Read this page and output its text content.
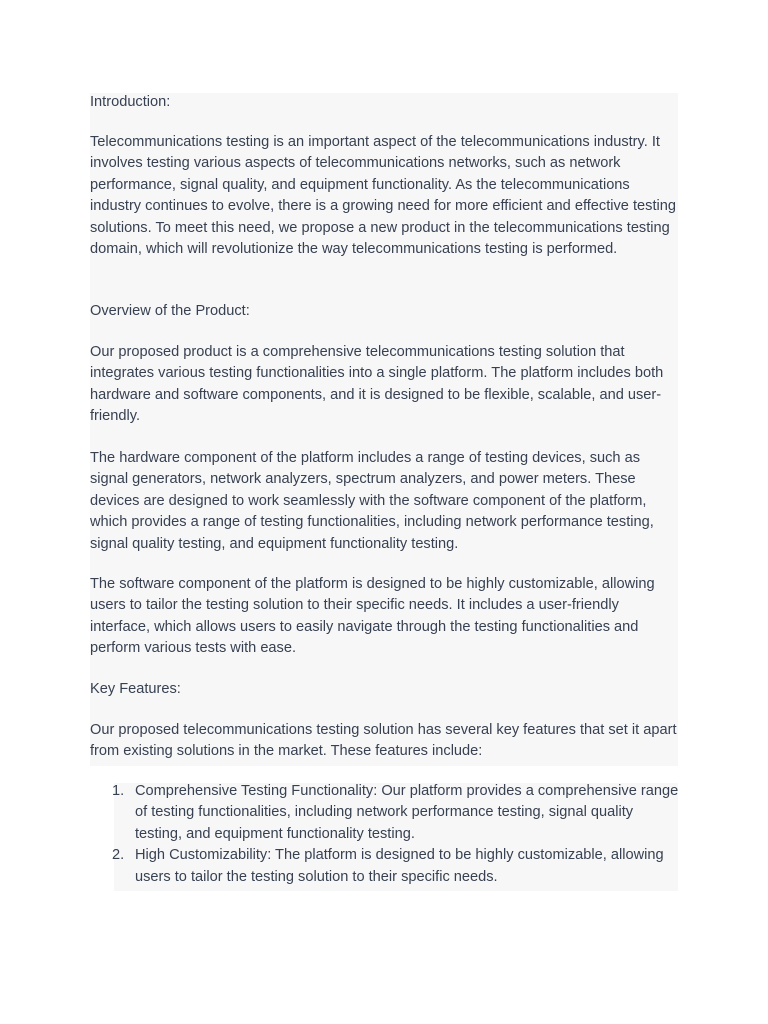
Introduction:

Telecommunications testing is an important aspect of the telecommunications industry. It involves testing various aspects of telecommunications networks, such as network performance, signal quality, and equipment functionality. As the telecommunications industry continues to evolve, there is a growing need for more efficient and effective testing solutions. To meet this need, we propose a new product in the telecommunications testing domain, which will revolutionize the way telecommunications testing is performed.

Overview of the Product:

Our proposed product is a comprehensive telecommunications testing solution that integrates various testing functionalities into a single platform. The platform includes both hardware and software components, and it is designed to be flexible, scalable, and user-friendly.

The hardware component of the platform includes a range of testing devices, such as signal generators, network analyzers, spectrum analyzers, and power meters. These devices are designed to work seamlessly with the software component of the platform, which provides a range of testing functionalities, including network performance testing, signal quality testing, and equipment functionality testing.

The software component of the platform is designed to be highly customizable, allowing users to tailor the testing solution to their specific needs. It includes a user-friendly interface, which allows users to easily navigate through the testing functionalities and perform various tests with ease.

Key Features:

Our proposed telecommunications testing solution has several key features that set it apart from existing solutions in the market. These features include:

1. Comprehensive Testing Functionality: Our platform provides a comprehensive range of testing functionalities, including network performance testing, signal quality testing, and equipment functionality testing.
2. High Customizability: The platform is designed to be highly customizable, allowing users to tailor the testing solution to their specific needs.
